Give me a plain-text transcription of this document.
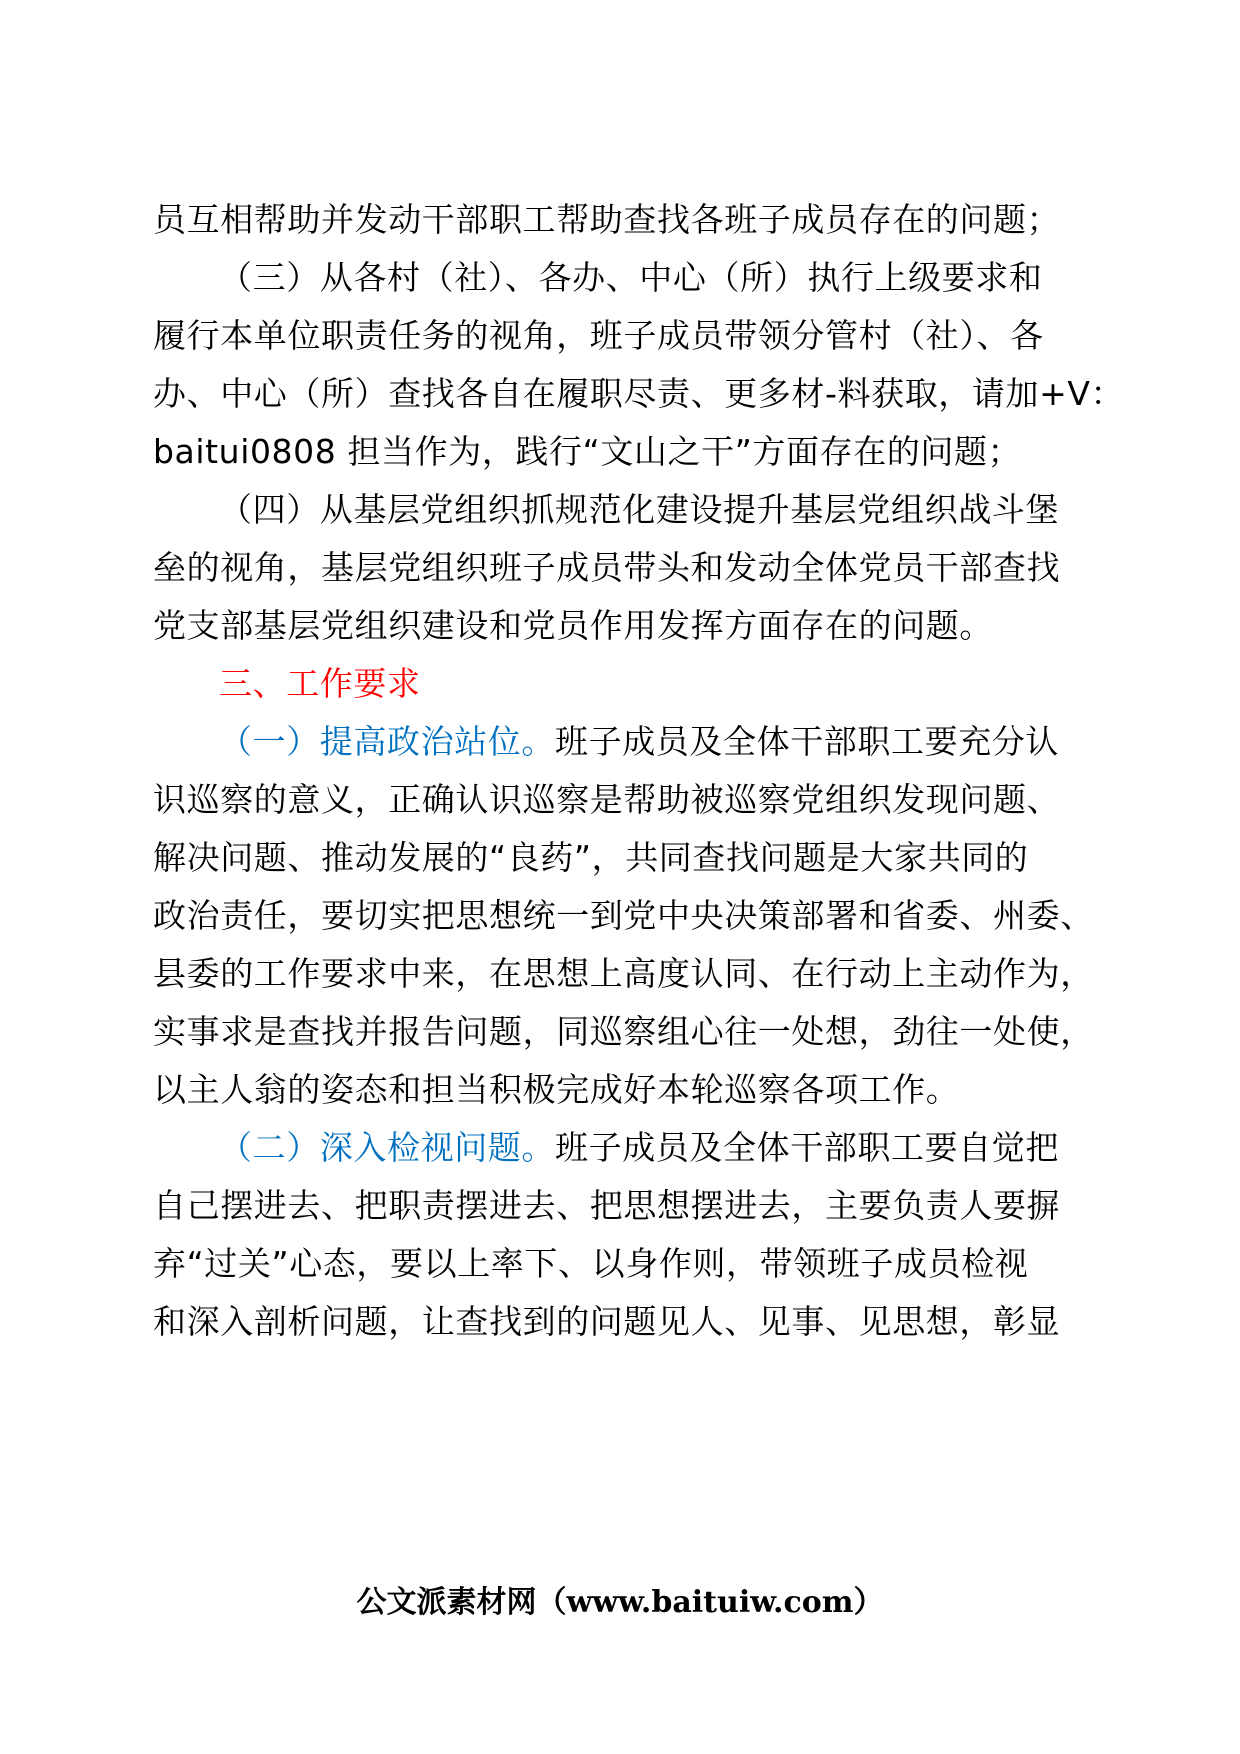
员互相帮助并发动干部职工帮助查找各班子成员存在的问题；
（三）从各村（社）、各办、中心（所）执行上级要求和
履行本单位职责任务的视角，班子成员带领分管村（社）、各
办、中心（所）查找各自在履职尽责、更多材-料获取，请加+V：
baitui0808 担当作为，践行“文山之干”方面存在的问题；
（四）从基层党组织抓规范化建设提升基层党组织战斗堡
垒的视角，基层党组织班子成员带头和发动全体党员干部查找
党支部基层党组织建设和党员作用发挥方面存在的问题。
三、工作要求
（一）提高政治站位。班子成员及全体干部职工要充分认
识巡察的意义，正确认识巡察是帮助被巡察党组织发现问题、
解决问题、推动发展的“良药”，共同查找问题是大家共同的
政治责任，要切实把思想统一到党中央决策部署和省委、州委、
县委的工作要求中来，在思想上高度认同、在行动上主动作为，
实事求是查找并报告问题，同巡察组心往一处想，劲往一处使，
以主人翁的姿态和担当积极完成好本轮巡察各项工作。
（二）深入检视问题。班子成员及全体干部职工要自觉把
自己摆进去、把职责摆进去、把思想摆进去，主要负责人要摒
弃“过关”心态，要以上率下、以身作则，带领班子成员检视
和深入剖析问题，让查找到的问题见人、见事、见思想，彰显
公文派素材网（www.baituiw.com）
